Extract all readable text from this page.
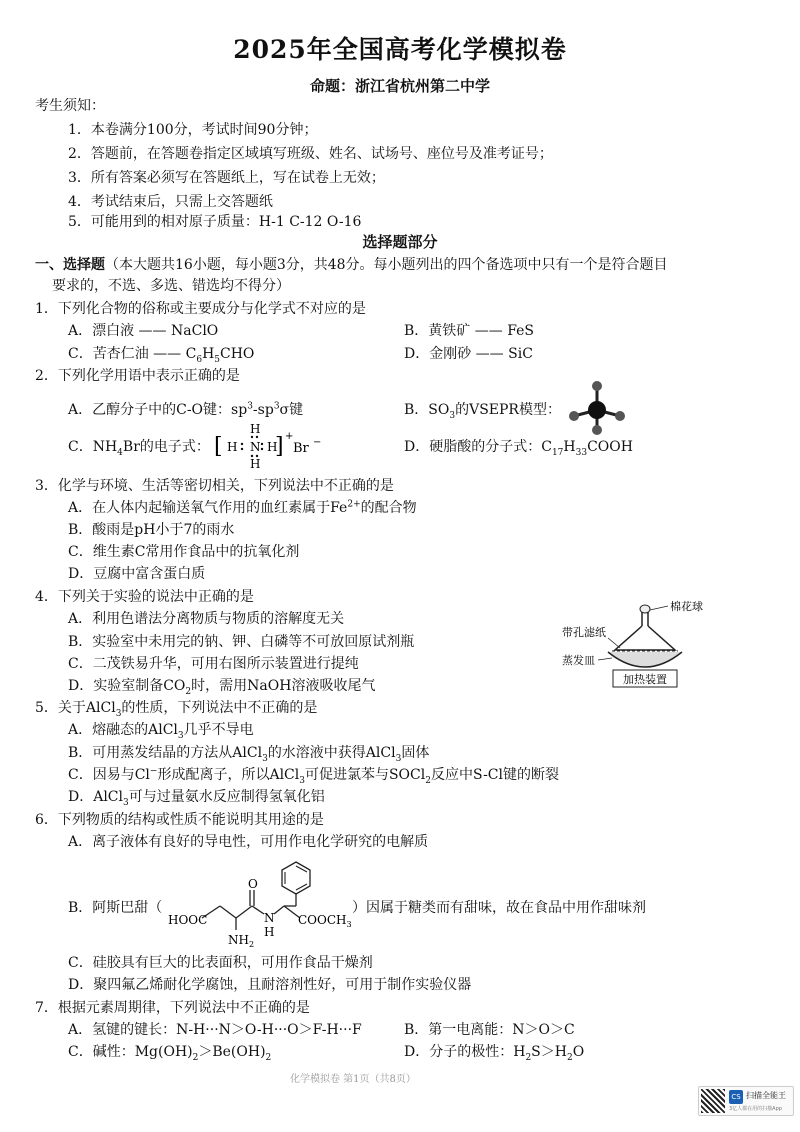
2025年全国高考化学模拟卷
命题：浙江省杭州第二中学
考生须知：
1．本卷满分100分，考试时间90分钟；
2．答题前，在答题卷指定区域填写班级、姓名、试场号、座位号及准考证号；
3．所有答案必须写在答题纸上，写在试卷上无效；
4．考试结束后，只需上交答题纸
5．可能用到的相对原子质量：H-1 C-12 O-16
选择题部分
一、选择题（本大题共16小题，每小题3分，共48分。每小题列出的四个备选项中只有一个是符合题目
要求的，不选、多选、错选均不得分）
1．下列化合物的俗称或主要成分与化学式不对应的是
A．漂白液 —— NaClO	B．黄铁矿 —— FeS
C．苦杏仁油 —— $C_6H_5CHO$	D．金刚砂 —— SiC
2．下列化学用语中表示正确的是
A．乙醇分子中的C-O键：$sp^3-sp^3\sigma$键	B．$SO_3$的VSEPR模型：
C．$NH_4Br$的电子式： [ ]
H N H
H
H
+
Br −	D．硬脂酸的分子式：$C_{17}H_{33}COOH$
3．化学与环境、生活等密切相关，下列说法中不正确的是
A．在人体内起输送氧气作用的血红素属于$Fe^{2+}$的配合物
B．酸雨是pH小于7的雨水
C．维生素C常用作食品中的抗氧化剂
D．豆腐中富含蛋白质
4．下列关于实验的说法中正确的是
A．利用色谱法分离物质与物质的溶解度无关
B．实验室中未用完的钠、钾、白磷等不可放回原试剂瓶
C．二茂铁易升华，可用右图所示装置进行提纯
D．实验室制备$CO_2$时，需用NaOH溶液吸收尾气	加热装置
棉花球
带孔滤纸
蒸发皿
5．关于AlCl$_3$的性质，下列说法中不正确的是
A．熔融态的AlCl$_3$几乎不导电
B．可用蒸发结晶的方法从AlCl$_3$的水溶液中获得AlCl$_3$固体
C．因易与Cl−形成配离子，所以AlCl$_3$可促进氯苯与SOCl$_2$反应中S-Cl键的断裂
D．AlCl$_3$可与过量氨水反应制得氢氧化铝
6．下列物质的结构或性质不能说明其用途的是
A．离子液体有良好的导电性，可用作电化学研究的电解质
B．阿斯巴甜（
O
HOOC	N
H
$NH_2$
$COOCH_3$
）因属于糖类而有甜味，故在食品中用作甜味剂
C．硅胶具有巨大的比表面积，可用作食品干燥剂
D．聚四氟乙烯耐化学腐蚀，且耐溶剂性好，可用于制作实验仪器
7．根据元素周期律，下列说法中不正确的是
A．氢键的键长：N-H···N＞O-H···O＞F-H···F	B．第一电离能：N＞O＞C
C．碱性：$Mg(OH)_2>Be(OH)_2$	D．分子的极性：$H_2S>H_2O$
化学模拟卷 第1页（共8页）
CS 扫描全能王
3亿人都在用的扫描App
